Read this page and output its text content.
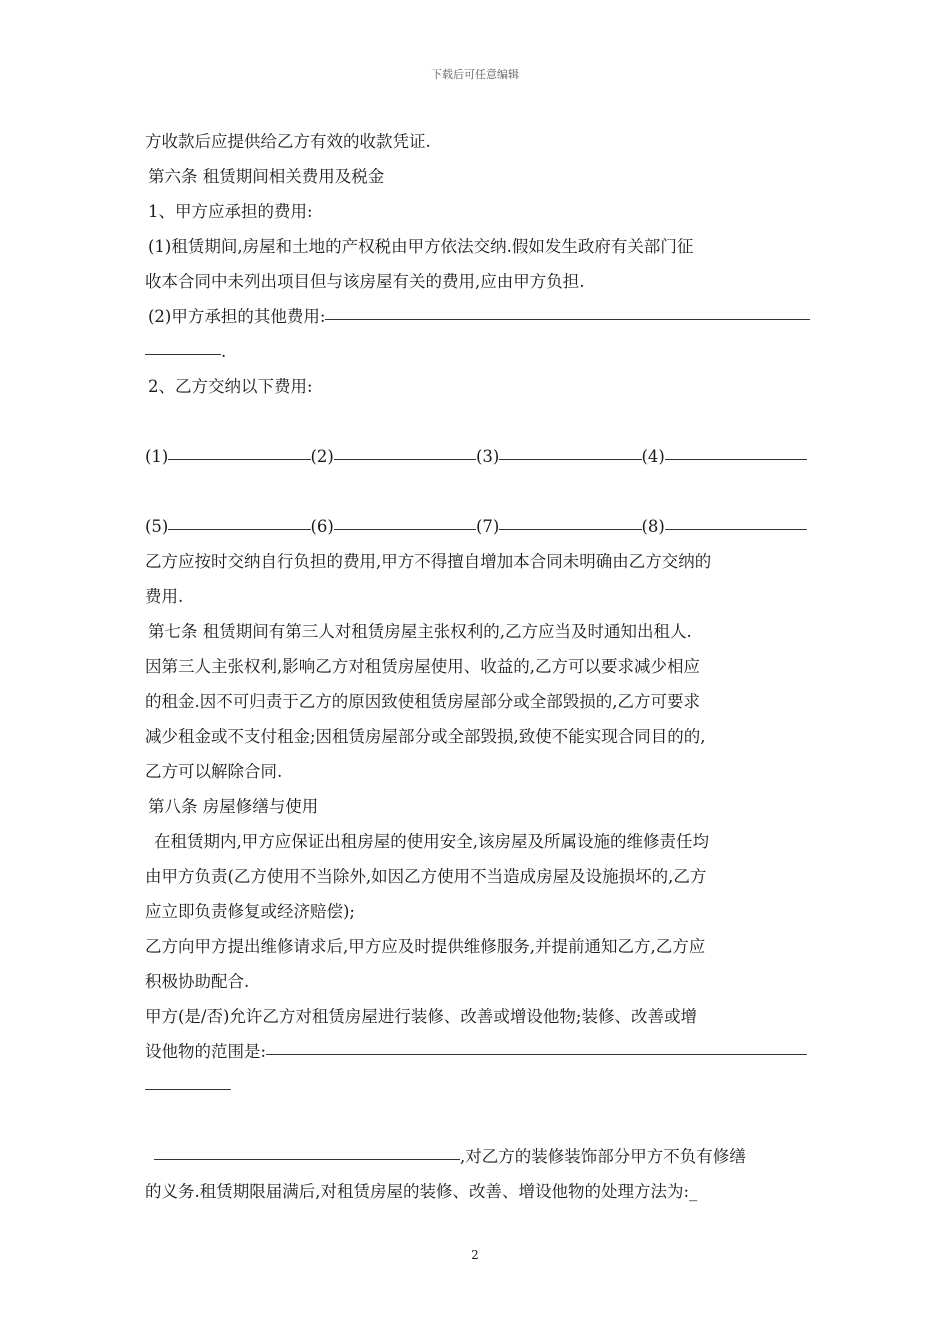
下载后可任意编辑
方收款后应提供给乙方有效的收款凭证.
第六条 租赁期间相关费用及税金
1、甲方应承担的费用:
(1)租赁期间,房屋和土地的产权税由甲方依法交纳.假如发生政府有关部门征
收本合同中未列出项目但与该房屋有关的费用,应由甲方负担.
(2)甲方承担的其他费用:
.
2、乙方交纳以下费用:
(1)	(2)	(3)	(4)
(5)	(6)	(7)	(8)
乙方应按时交纳自行负担的费用,甲方不得擅自增加本合同未明确由乙方交纳的
费用.
第七条 租赁期间有第三人对租赁房屋主张权利的,乙方应当及时通知出租人.
因第三人主张权利,影响乙方对租赁房屋使用、收益的,乙方可以要求减少相应
的租金.因不可归责于乙方的原因致使租赁房屋部分或全部毁损的,乙方可要求
减少租金或不支付租金;因租赁房屋部分或全部毁损,致使不能实现合同目的的,
乙方可以解除合同.
第八条 房屋修缮与使用
在租赁期内,甲方应保证出租房屋的使用安全,该房屋及所属设施的维修责任均
由甲方负责(乙方使用不当除外,如因乙方使用不当造成房屋及设施损坏的,乙方
应立即负责修复或经济赔偿);
乙方向甲方提出维修请求后,甲方应及时提供维修服务,并提前通知乙方,乙方应
积极协助配合.
甲方(是/否)允许乙方对租赁房屋进行装修、改善或增设他物;装修、改善或增
设他物的范围是:
,对乙方的装修装饰部分甲方不负有修缮
的义务.租赁期限届满后,对租赁房屋的装修、改善、增设他物的处理方法为:_
2
